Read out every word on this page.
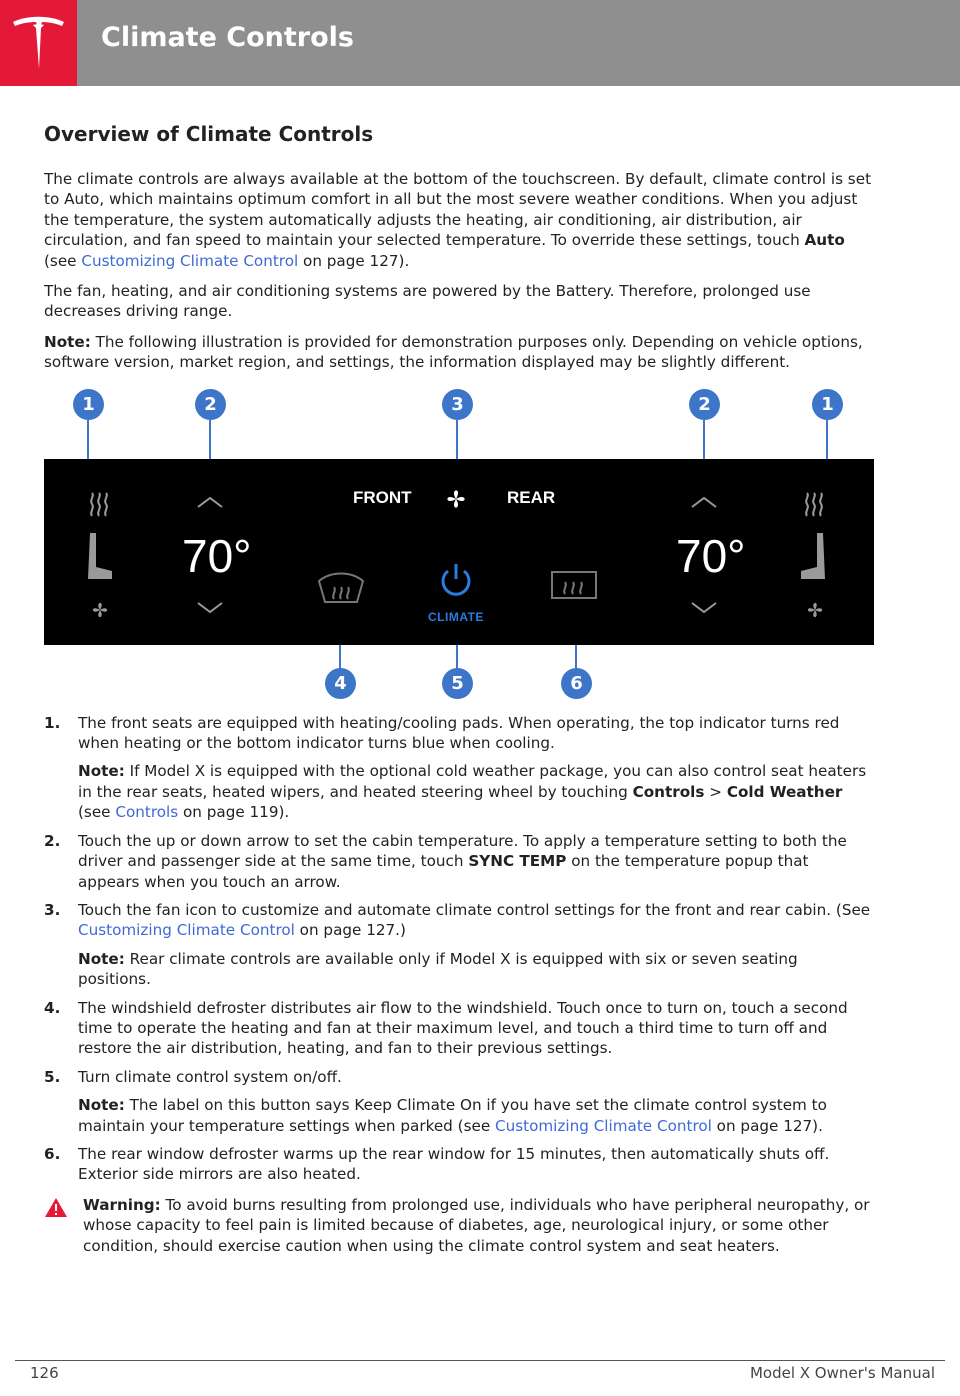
Climate Controls
Overview of Climate Controls

The climate controls are always available at the bottom of the touchscreen. By default, climate control is set to Auto, which maintains optimum comfort in all but the most severe weather conditions. When you adjust the temperature, the system automatically adjusts the heating, air conditioning, air distribution, air circulation, and fan speed to maintain your selected temperature. To override these settings, touch Auto (see Customizing Climate Control on page 127).

The fan, heating, and air conditioning systems are powered by the Battery. Therefore, prolonged use decreases driving range.

Note: The following illustration is provided for demonstration purposes only. Depending on vehicle options, software version, market region, and settings, the information displayed may be slightly different.

1	2	3	2	1
70°
FRONT	REAR
CLIMATE
70°
4	5	6
1. The front seats are equipped with heating/cooling pads. When operating, the top indicator turns red when heating or the bottom indicator turns blue when cooling.
Note: If Model X is equipped with the optional cold weather package, you can also control seat heaters in the rear seats, heated wipers, and heated steering wheel by touching Controls > Cold Weather (see Controls on page 119).
2. Touch the up or down arrow to set the cabin temperature. To apply a temperature setting to both the driver and passenger side at the same time, touch SYNC TEMP on the temperature popup that appears when you touch an arrow.
3. Touch the fan icon to customize and automate climate control settings for the front and rear cabin. (See Customizing Climate Control on page 127.)
Note: Rear climate controls are available only if Model X is equipped with six or seven seating positions.
4. The windshield defroster distributes air flow to the windshield. Touch once to turn on, touch a second time to operate the heating and fan at their maximum level, and touch a third time to turn off and restore the air distribution, heating, and fan to their previous settings.
5. Turn climate control system on/off.
Note: The label on this button says Keep Climate On if you have set the climate control system to maintain your temperature settings when parked (see Customizing Climate Control on page 127).
6. The rear window defroster warms up the rear window for 15 minutes, then automatically shuts off. Exterior side mirrors are also heated.
Warning: To avoid burns resulting from prolonged use, individuals who have peripheral neuropathy, or whose capacity to feel pain is limited because of diabetes, age, neurological injury, or some other condition, should exercise caution when using the climate control system and seat heaters.
126	Model X Owner's Manual
